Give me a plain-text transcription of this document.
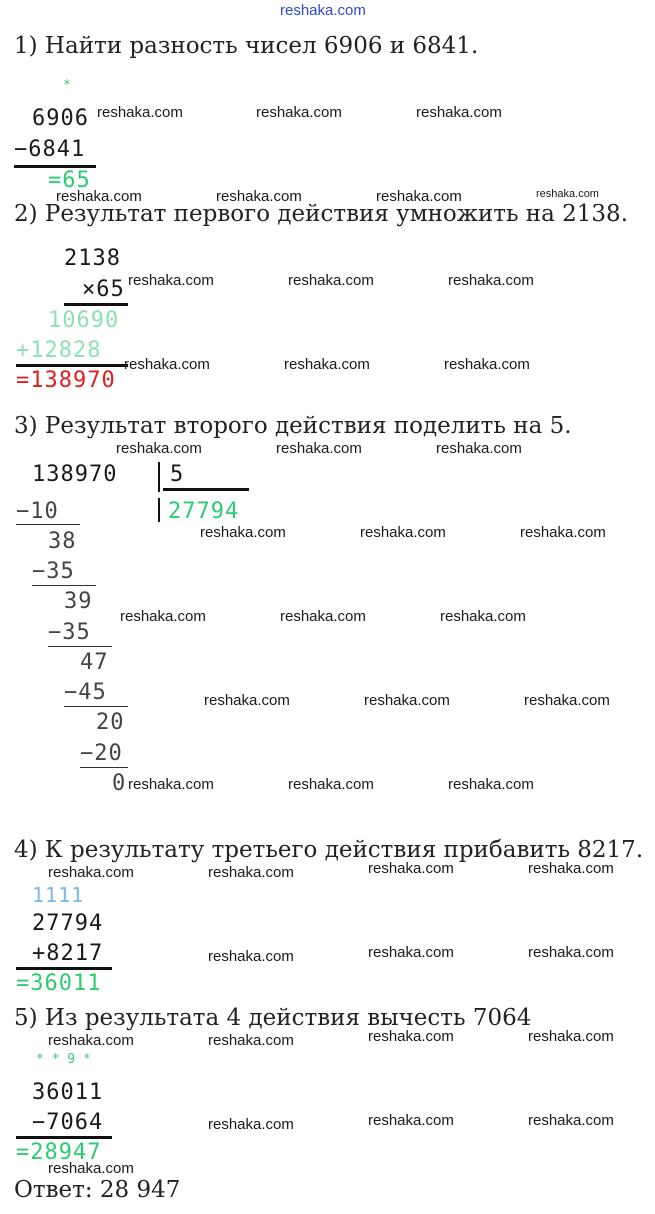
reshaka.com
1) Найти разность чисел 6906 и 6841.
*
6906
−6841
=65
reshaka.com	reshaka.com	reshaka.com
reshaka.com	reshaka.com	reshaka.com	reshaka.com
2) Результат первого действия умножить на 2138.
2138
×65
10690
+12828
=138970
reshaka.com	reshaka.com	reshaka.com
reshaka.com	reshaka.com	reshaka.com
3) Результат второго действия поделить на 5.
reshaka.com	reshaka.com	reshaka.com
138970 5
27794
−10
38
−35
39
−35
47
−45
20
−20
0
reshaka.com	reshaka.com	reshaka.com
reshaka.com	reshaka.com	reshaka.com
reshaka.com	reshaka.com	reshaka.com
reshaka.com	reshaka.com	reshaka.com
4) К результату третьего действия прибавить 8217.
1111
27794
+8217
=36011
reshaka.com	reshaka.com	reshaka.com	reshaka.com
reshaka.com	reshaka.com	reshaka.com
5) Из результата 4 действия вычесть 7064
* * 9 *
36011
−7064
=28947
reshaka.com	reshaka.com	reshaka.com	reshaka.com
reshaka.com	reshaka.com	reshaka.com
reshaka.com
Ответ: 28 947
